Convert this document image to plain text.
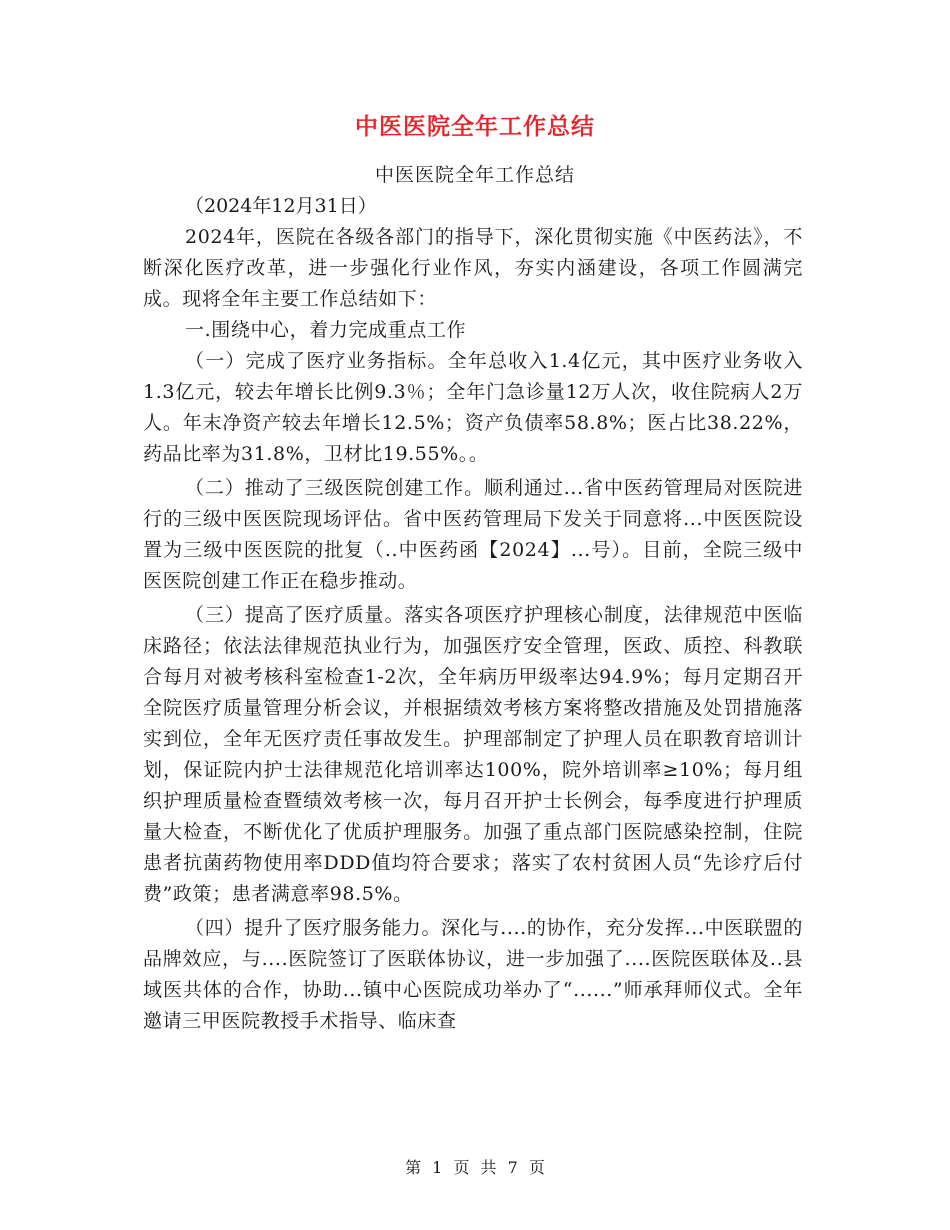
中医医院全年工作总结
中医医院全年工作总结
（2024年12月31日）

2024年，医院在各级各部门的指导下，深化贯彻实施《中医药法》，不断深化医疗改革，进一步强化行业作风，夯实内涵建设，各项工作圆满完成。现将全年主要工作总结如下：

一.围绕中心，着力完成重点工作

（一）完成了医疗业务指标。全年总收入1.4亿元，其中医疗业务收入1.3亿元，较去年增长比例9.3％；全年门急诊量12万人次，收住院病人2万人。年末净资产较去年增长12.5%；资产负债率58.8%；医占比38.22%，药品比率为31.8%，卫材比19.55%。。

（二）推动了三级医院创建工作。顺利通过...省中医药管理局对医院进行的三级中医医院现场评估。省中医药管理局下发关于同意将...中医医院设置为三级中医医院的批复（..中医药函【2024】...号）。目前，全院三级中医医院创建工作正在稳步推动。

（三）提高了医疗质量。落实各项医疗护理核心制度，法律规范中医临床路径；依法法律规范执业行为，加强医疗安全管理，医政、质控、科教联合每月对被考核科室检查1-2次，全年病历甲级率达94.9%；每月定期召开全院医疗质量管理分析会议，并根据绩效考核方案将整改措施及处罚措施落实到位，全年无医疗责任事故发生。护理部制定了护理人员在职教育培训计划，保证院内护士法律规范化培训率达100%，院外培训率≥10%；每月组织护理质量检查暨绩效考核一次，每月召开护士长例会，每季度进行护理质量大检查，不断优化了优质护理服务。加强了重点部门医院感染控制，住院患者抗菌药物使用率DDD值均符合要求；落实了农村贫困人员“先诊疗后付费”政策；患者满意率98.5%。

（四）提升了医疗服务能力。深化与....的协作，充分发挥...中医联盟的品牌效应，与....医院签订了医联体协议，进一步加强了....医院医联体及..县域医共体的合作，协助...镇中心医院成功举办了“......”师承拜师仪式。全年邀请三甲医院教授手术指导、临床查

第 1 页 共 7 页
